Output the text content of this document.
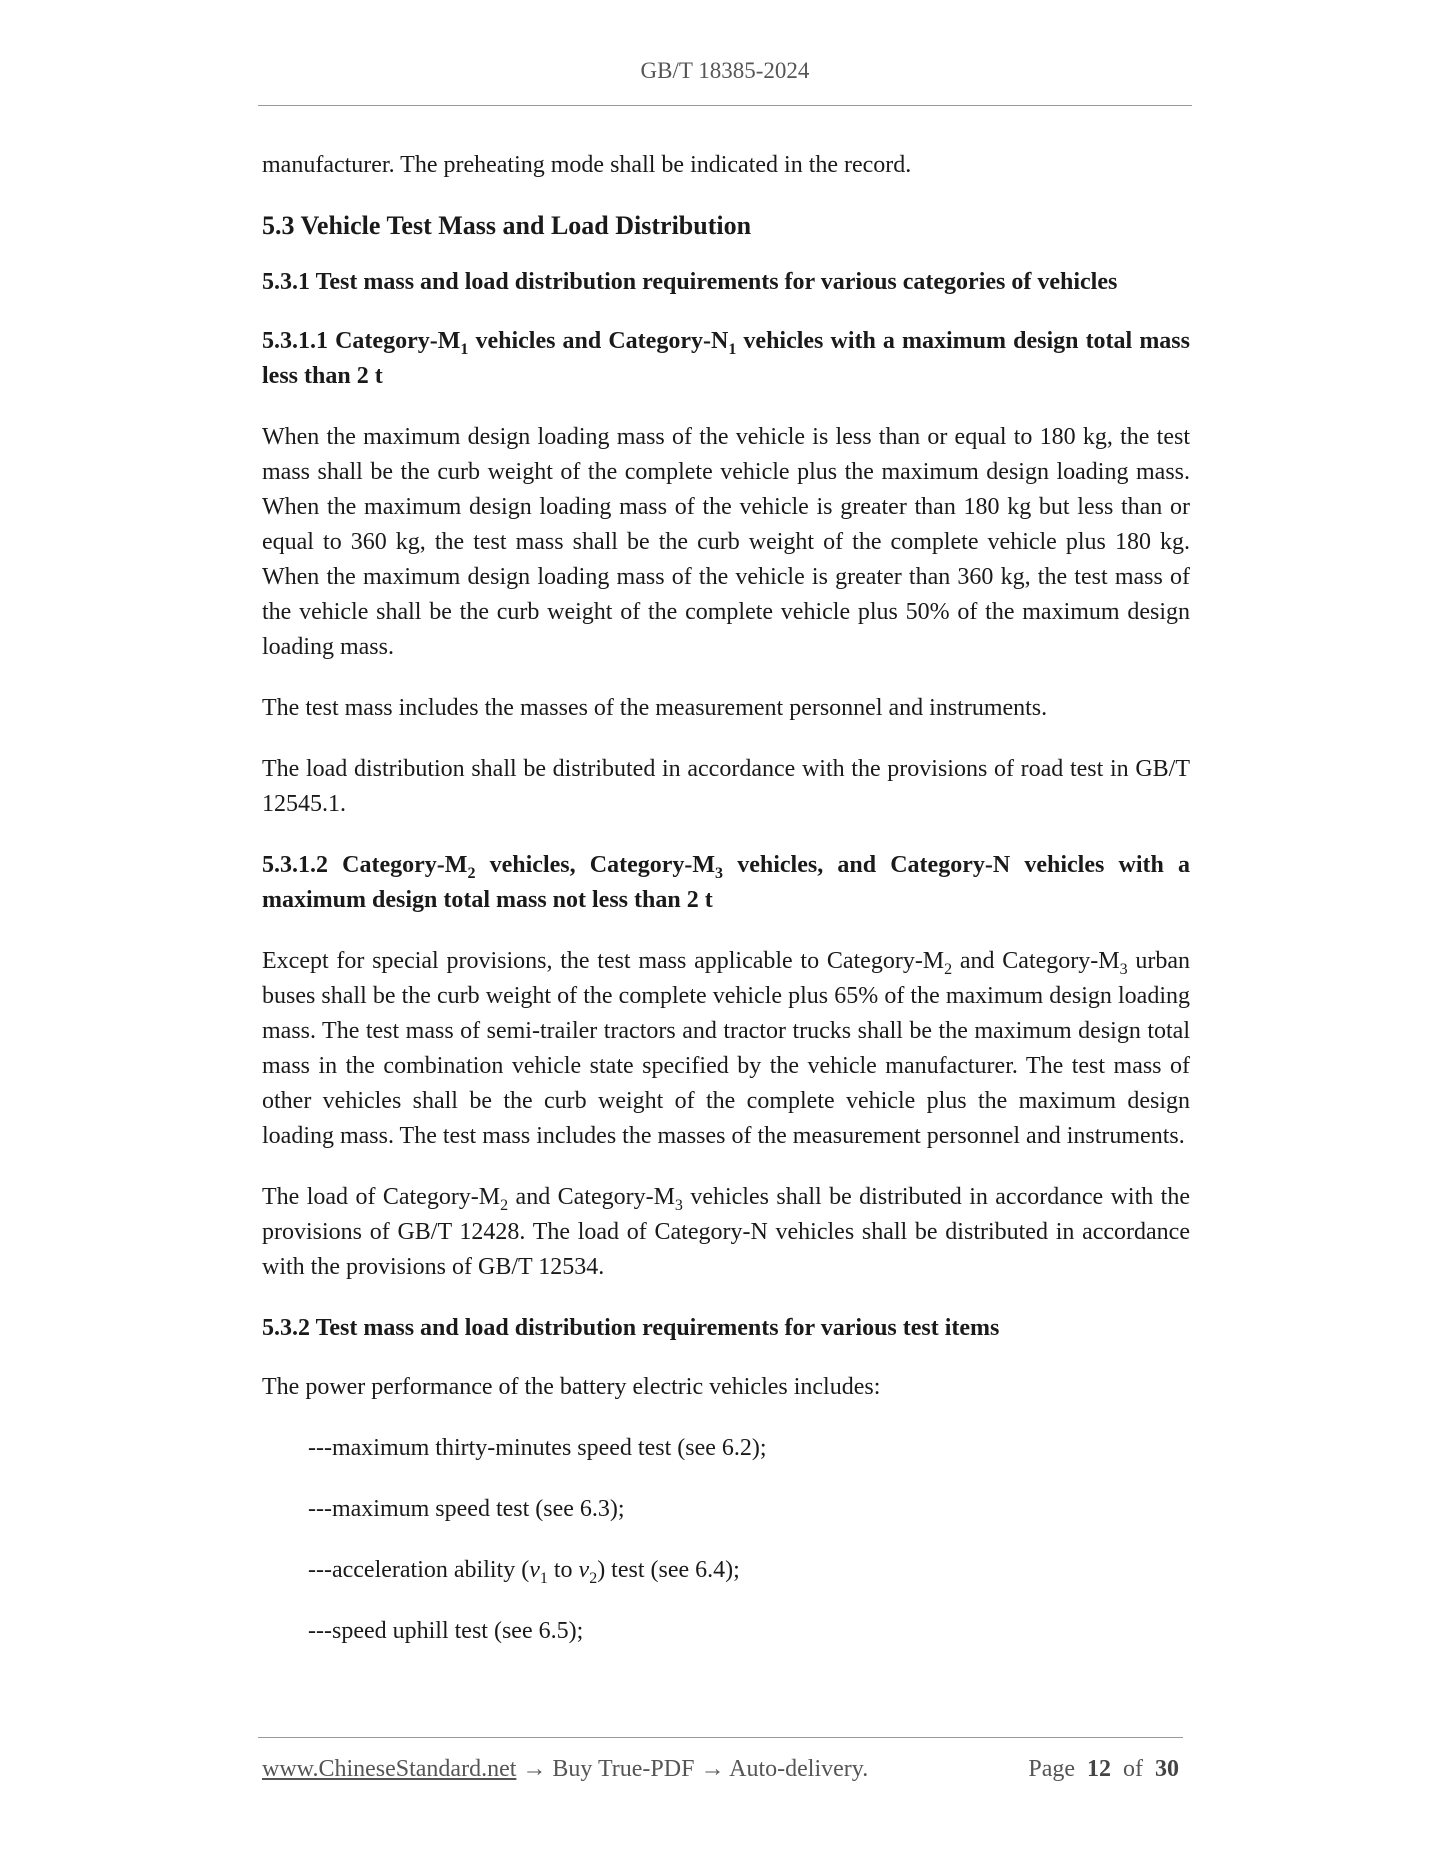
GB/T 18385-2024

manufacturer. The preheating mode shall be indicated in the record.

5.3 Vehicle Test Mass and Load Distribution
5.3.1 Test mass and load distribution requirements for various categories of vehicles
5.3.1.1 Category-$M_1$ vehicles and Category-$N_1$ vehicles with a maximum design total mass less than 2 t

When the maximum design loading mass of the vehicle is less than or equal to 180 kg, the test mass shall be the curb weight of the complete vehicle plus the maximum design loading mass. When the maximum design loading mass of the vehicle is greater than 180 kg but less than or equal to 360 kg, the test mass shall be the curb weight of the complete vehicle plus 180 kg. When the maximum design loading mass of the vehicle is greater than 360 kg, the test mass of the vehicle shall be the curb weight of the complete vehicle plus 50% of the maximum design loading mass.

The test mass includes the masses of the measurement personnel and instruments.

The load distribution shall be distributed in accordance with the provisions of road test in GB/T 12545.1.

5.3.1.2 Category-$M_2$ vehicles, Category-$M_3$ vehicles, and Category-N vehicles with a maximum design total mass not less than 2 t

Except for special provisions, the test mass applicable to Category-$M_2$ and Category-$M_3$ urban buses shall be the curb weight of the complete vehicle plus 65% of the maximum design loading mass. The test mass of semi-trailer tractors and tractor trucks shall be the maximum design total mass in the combination vehicle state specified by the vehicle manufacturer. The test mass of other vehicles shall be the curb weight of the complete vehicle plus the maximum design loading mass. The test mass includes the masses of the measurement personnel and instruments.

The load of Category-$M_2$ and Category-$M_3$ vehicles shall be distributed in accordance with the provisions of GB/T 12428. The load of Category-N vehicles shall be distributed in accordance with the provisions of GB/T 12534.

5.3.2 Test mass and load distribution requirements for various test items

The power performance of the battery electric vehicles includes:

---maximum thirty-minutes speed test (see 6.2);
---maximum speed test (see 6.3);
---acceleration ability ($v_1$ to $v_2$) test (see 6.4);
---speed uphill test (see 6.5);
www.ChineseStandard.net → Buy True-PDF → Auto-delivery.	Page 12 of 30
